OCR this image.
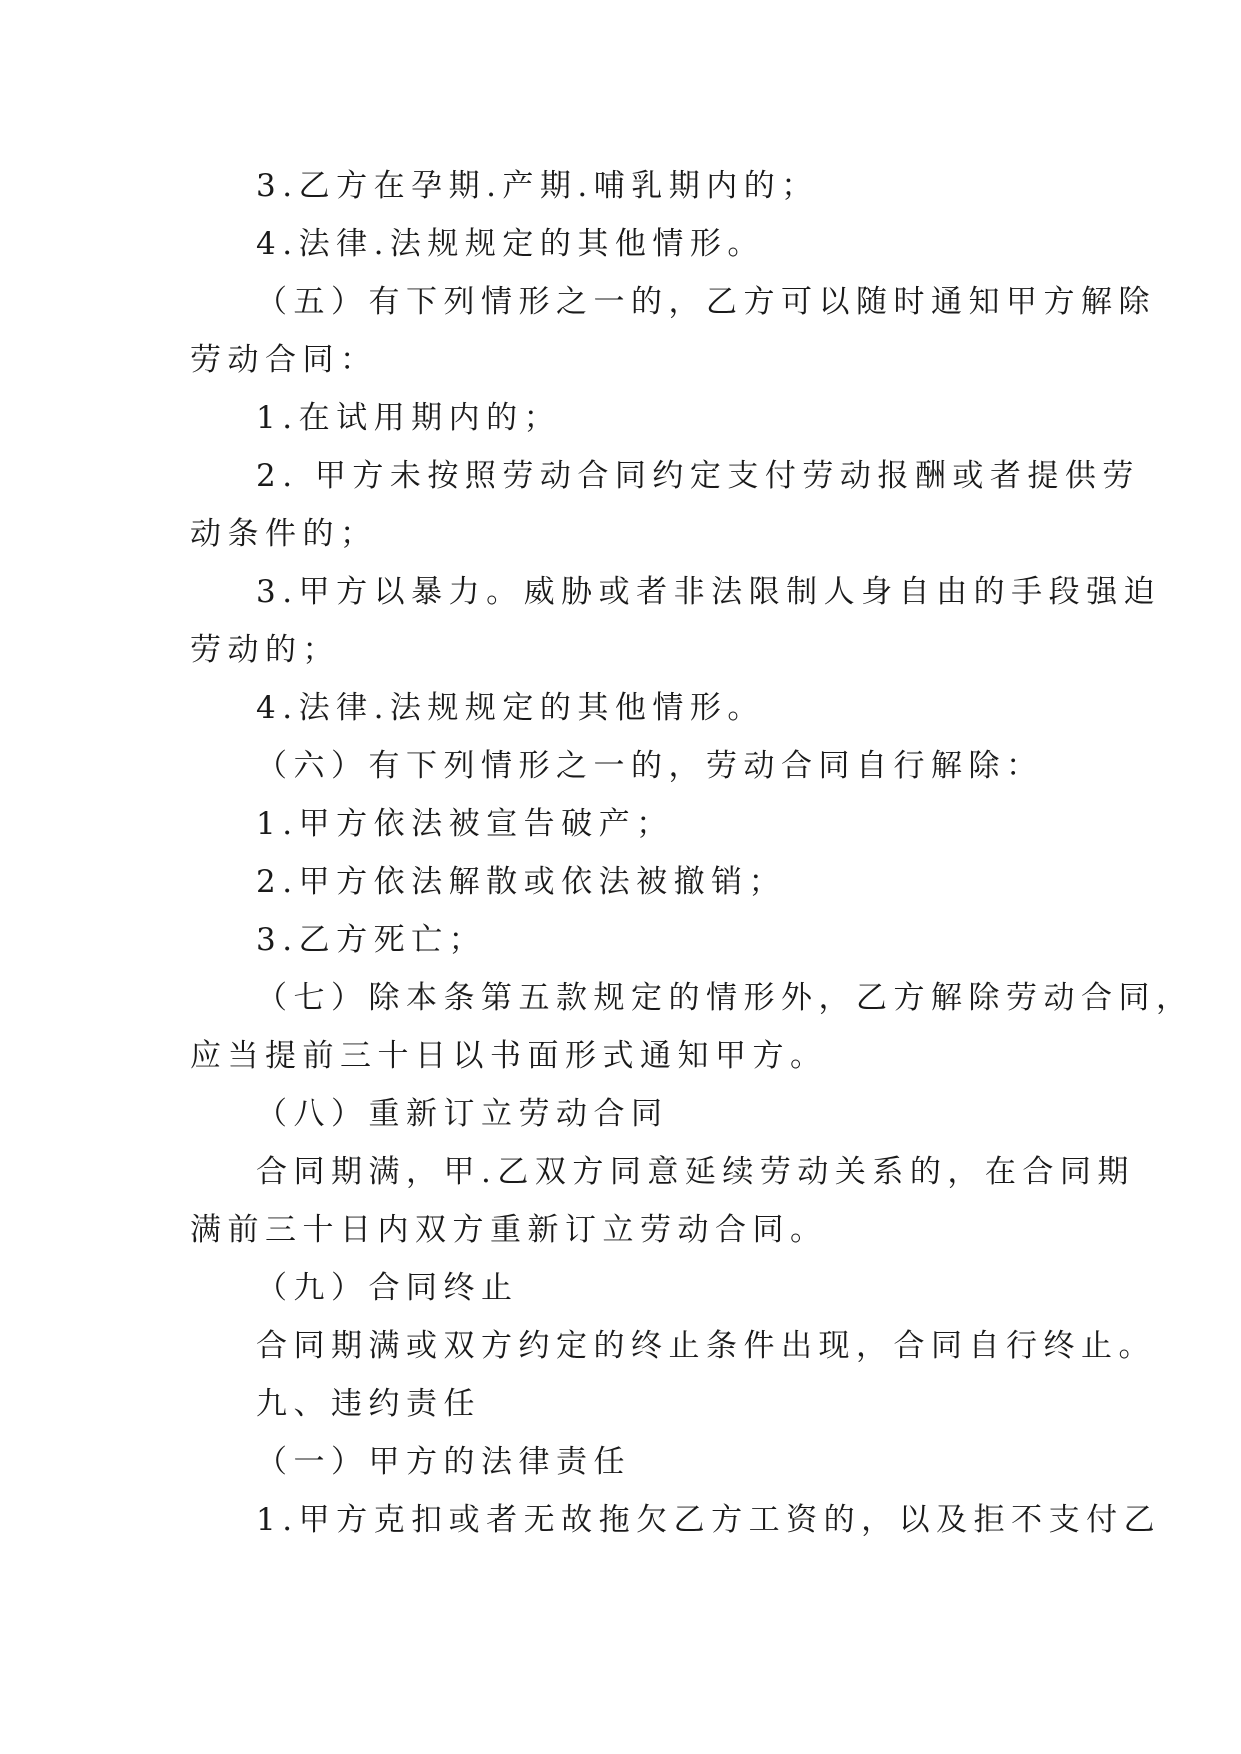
3.乙方在孕期.产期.哺乳期内的；
4.法律.法规规定的其他情形。
（五）有下列情形之一的，乙方可以随时通知甲方解除
劳动合同：
1.在试用期内的；
2. 甲方未按照劳动合同约定支付劳动报酬或者提供劳
动条件的；
3.甲方以暴力。威胁或者非法限制人身自由的手段强迫
劳动的；
4.法律.法规规定的其他情形。
（六）有下列情形之一的，劳动合同自行解除：
1.甲方依法被宣告破产；
2.甲方依法解散或依法被撤销；
3.乙方死亡；
（七）除本条第五款规定的情形外，乙方解除劳动合同，
应当提前三十日以书面形式通知甲方。
（八）重新订立劳动合同
合同期满，甲.乙双方同意延续劳动关系的，在合同期
满前三十日内双方重新订立劳动合同。
（九）合同终止
合同期满或双方约定的终止条件出现，合同自行终止。
九、违约责任
（一）甲方的法律责任
1.甲方克扣或者无故拖欠乙方工资的，以及拒不支付乙
